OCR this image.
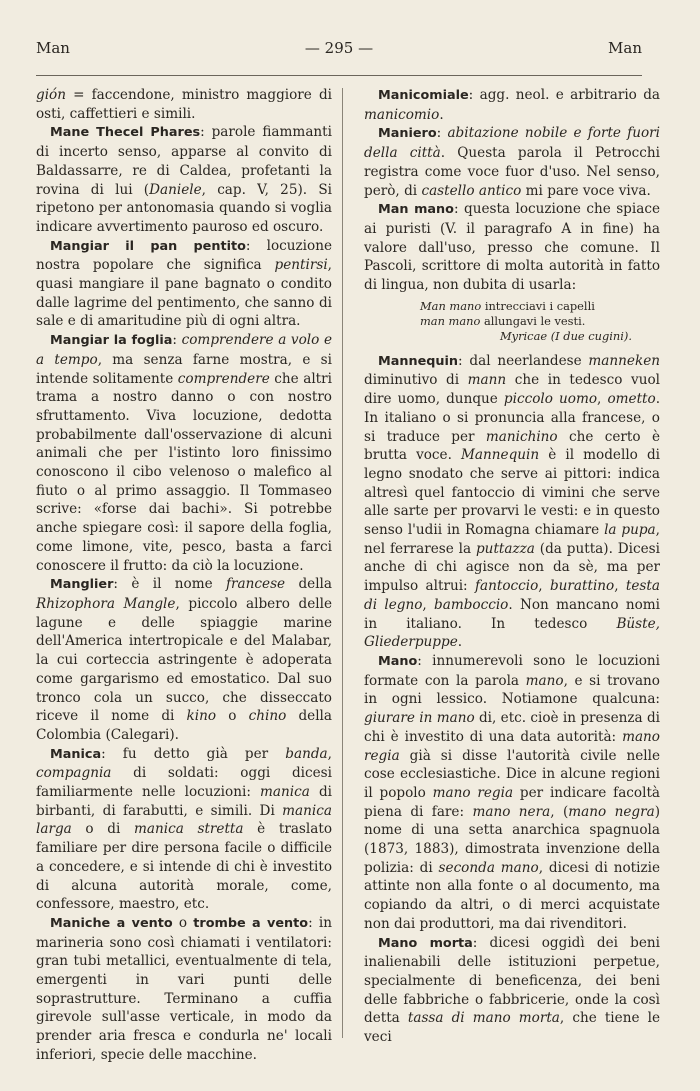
Man	— 295 —	Man

gión = faccendone, ministro maggiore di osti, caffettieri e simili.

Mane Thecel Phares: parole fiammanti di incerto senso, apparse al convito di Baldassarre, re di Caldea, profetanti la rovina di lui (Daniele, cap. V, 25). Si ripetono per antonomasia quando si voglia indicare avvertimento pauroso ed oscuro.

Mangiar il pan pentito: locuzione nostra popolare che significa pentirsi, quasi mangiare il pane bagnato o condito dalle lagrime del pentimento, che sanno di sale e di amaritudine più di ogni altra.

Mangiar la foglia: comprendere a volo e a tempo, ma senza farne mostra, e si intende solitamente comprendere che altri trama a nostro danno o con nostro sfruttamento. Viva locuzione, dedotta probabilmente dall'osservazione di alcuni animali che per l'istinto loro finissimo conoscono il cibo velenoso o malefico al fiuto o al primo assaggio. Il Tommaseo scrive: «forse dai bachi». Si potrebbe anche spiegare così: il sapore della foglia, come limone, vite, pesco, basta a farci conoscere il frutto: da ciò la locuzione.

Manglier: è il nome francese della Rhizophora Mangle, piccolo albero delle lagune e delle spiaggie marine dell'America intertropicale e del Malabar, la cui corteccia astringente è adoperata come gargarismo ed emostatico. Dal suo tronco cola un succo, che disseccato riceve il nome di kino o chino della Colombia (Calegari).

Manica: fu detto già per banda, compagnia di soldati: oggi dicesi familiarmente nelle locuzioni: manica di birbanti, di farabutti, e simili. Di manica larga o di manica stretta è traslato familiare per dire persona facile o difficile a concedere, e si intende di chi è investito di alcuna autorità morale, come, confessore, maestro, etc.

Maniche a vento o trombe a vento: in marineria sono così chiamati i ventilatori: gran tubi metallici, eventualmente di tela, emergenti in vari punti delle soprastrutture. Terminano a cuffia girevole sull'asse verticale, in modo da prender aria fresca e condurla ne' locali inferiori, specie delle macchine.

Manicomiale: agg. neol. e arbitrario da manicomio.

Maniero: abitazione nobile e forte fuori della città. Questa parola il Petrocchi registra come voce fuor d'uso. Nel senso, però, di castello antico mi pare voce viva.

Man mano: questa locuzione che spiace ai puristi (V. il paragrafo A in fine) ha valore dall'uso, presso che comune. Il Pascoli, scrittore di molta autorità in fatto di lingua, non dubita di usarla:

Man mano intrecciavi i capelli
man mano allungavi le vesti.
Myricae (I due cugini).

Mannequin: dal neerlandese manneken diminutivo di mann che in tedesco vuol dire uomo, dunque piccolo uomo, ometto. In italiano o si pronuncia alla francese, o si traduce per manichino che certo è brutta voce. Mannequin è il modello di legno snodato che serve ai pittori: indica altresì quel fantoccio di vimini che serve alle sarte per provarvi le vesti: e in questo senso l'udii in Romagna chiamare la pupa, nel ferrarese la puttazza (da putta). Dicesi anche di chi agisce non da sè, ma per impulso altrui: fantoccio, burattino, testa di legno, bamboccio. Non mancano nomi in italiano. In tedesco Büste, Gliederpuppe.

Mano: innumerevoli sono le locuzioni formate con la parola mano, e si trovano in ogni lessico. Notiamone qualcuna: giurare in mano di, etc. cioè in presenza di chi è investito di una data autorità: mano regia già si disse l'autorità civile nelle cose ecclesiastiche. Dice in alcune regioni il popolo mano regia per indicare facoltà piena di fare: mano nera, (mano negra) nome di una setta anarchica spagnuola (1873, 1883), dimostrata invenzione della polizia: di seconda mano, dicesi di notizie attinte non alla fonte o al documento, ma copiando da altri, o di merci acquistate non dai produttori, ma dai rivenditori.

Mano morta: dicesi oggidì dei beni inalienabili delle istituzioni perpetue, specialmente di beneficenza, dei beni delle fabbriche o fabbricerie, onde la così detta tassa di mano morta, che tiene le veci
